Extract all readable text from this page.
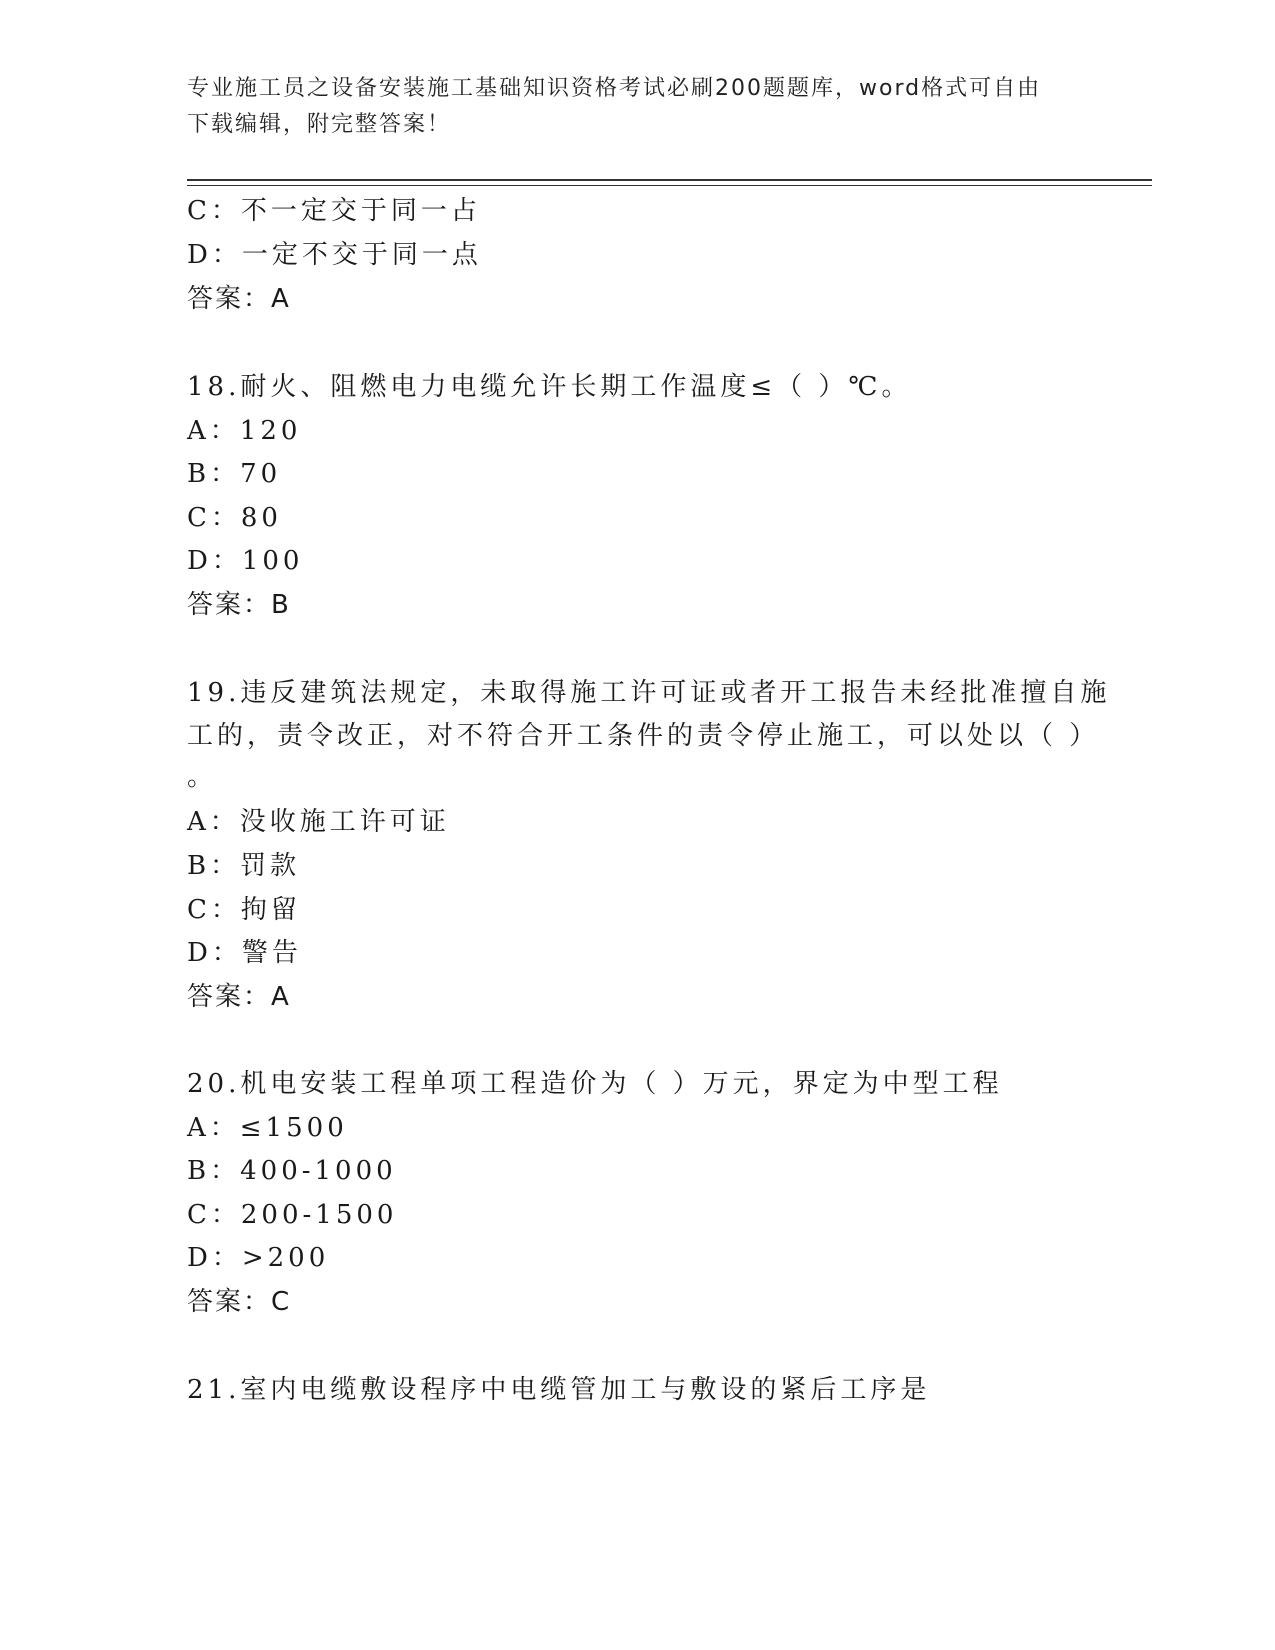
专业施工员之设备安装施工基础知识资格考试必刷200题题库，word格式可自由
下载编辑，附完整答案！
C：不一定交于同一占
D：一定不交于同一点
答案：A
18.耐火、阻燃电力电缆允许长期工作温度≤（ ）℃。
A：120
B：70
C：80
D：100
答案：B
19.违反建筑法规定，未取得施工许可证或者开工报告未经批准擅自施
工的，责令改正，对不符合开工条件的责令停止施工，可以处以（ ）
。
A：没收施工许可证
B：罚款
C：拘留
D：警告
答案：A
20.机电安装工程单项工程造价为（ ）万元，界定为中型工程
A：≤1500
B：400-1000
C：200-1500
D：>200
答案：C
21.室内电缆敷设程序中电缆管加工与敷设的紧后工序是
